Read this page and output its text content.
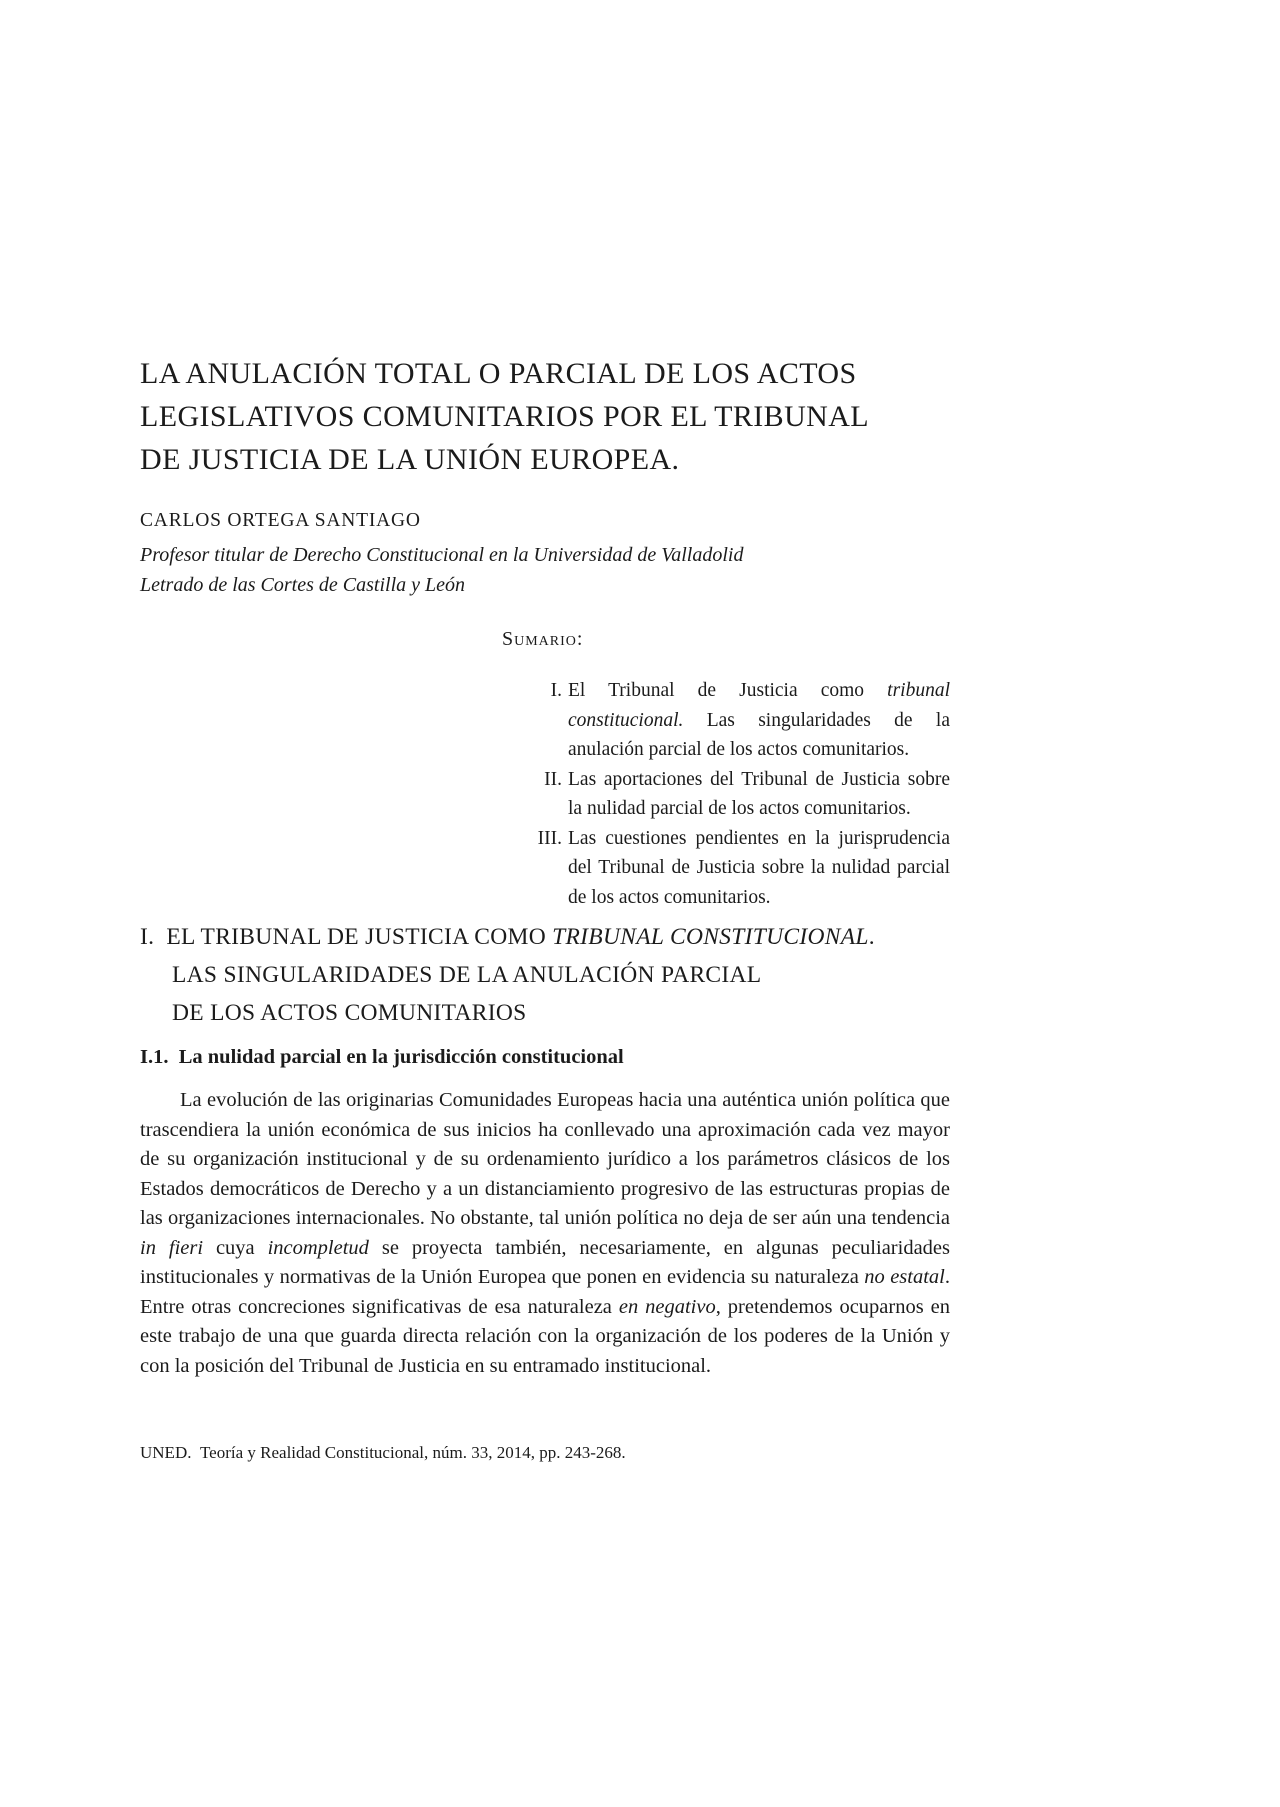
LA ANULACIÓN TOTAL O PARCIAL DE LOS ACTOS
LEGISLATIVOS COMUNITARIOS POR EL TRIBUNAL
DE JUSTICIA DE LA UNIÓN EUROPEA.
CARLOS ORTEGA SANTIAGO
Profesor titular de Derecho Constitucional en la Universidad de Valladolid
Letrado de las Cortes de Castilla y León
Sumario:
I. El Tribunal de Justicia como tribunal constitucional. Las singularidades de la anulación parcial de los actos comunitarios.
II. Las aportaciones del Tribunal de Justicia sobre la nulidad parcial de los actos comunitarios.
III. Las cuestiones pendientes en la jurisprudencia del Tribunal de Justicia sobre la nulidad parcial de los actos comunitarios.
I. EL TRIBUNAL DE JUSTICIA COMO TRIBUNAL CONSTITUCIONAL.
LAS SINGULARIDADES DE LA ANULACIÓN PARCIAL
DE LOS ACTOS COMUNITARIOS
I.1. La nulidad parcial en la jurisdicción constitucional

La evolución de las originarias Comunidades Europeas hacia una auténtica unión política que trascendiera la unión económica de sus inicios ha conllevado una aproximación cada vez mayor de su organización institucional y de su ordenamiento jurídico a los parámetros clásicos de los Estados democráticos de Derecho y a un distanciamiento progresivo de las estructuras propias de las organizaciones internacionales. No obstante, tal unión política no deja de ser aún una tendencia in fieri cuya incompletud se proyecta también, necesariamente, en algunas peculiaridades institucionales y normativas de la Unión Europea que ponen en evidencia su naturaleza no estatal. Entre otras concreciones significativas de esa naturaleza en negativo, pretendemos ocuparnos en este trabajo de una que guarda directa relación con la organización de los poderes de la Unión y con la posición del Tribunal de Justicia en su entramado institucional.

UNED. Teoría y Realidad Constitucional, núm. 33, 2014, pp. 243-268.
